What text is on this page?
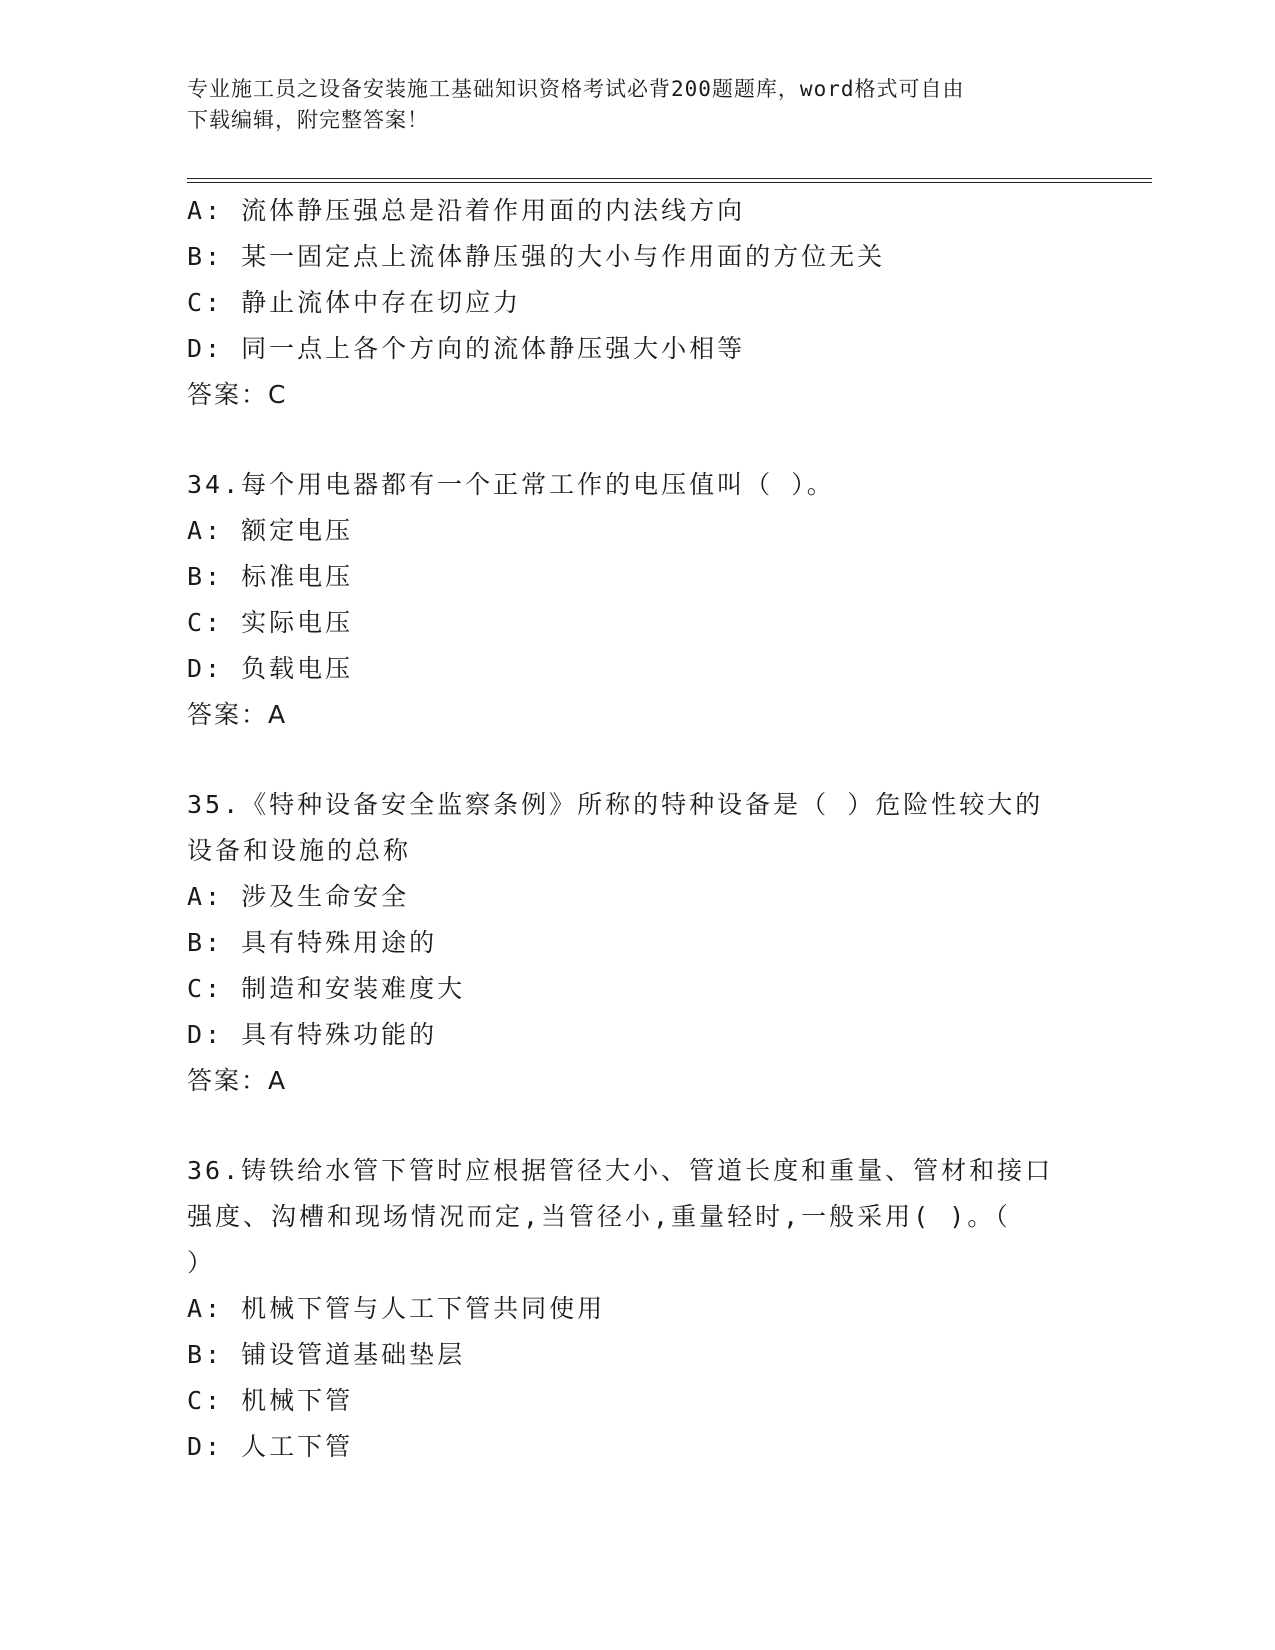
专业施工员之设备安装施工基础知识资格考试必背200题题库，word格式可自由
下载编辑，附完整答案！
A: 流体静压强总是沿着作用面的内法线方向
B: 某一固定点上流体静压强的大小与作用面的方位无关
C: 静止流体中存在切应力
D: 同一点上各个方向的流体静压强大小相等
答案：C
34.每个用电器都有一个正常工作的电压值叫（ ）。
A: 额定电压
B: 标准电压
C: 实际电压
D: 负载电压
答案：A
35.《特种设备安全监察条例》所称的特种设备是（ ）危险性较大的
设备和设施的总称
A: 涉及生命安全
B: 具有特殊用途的
C: 制造和安装难度大
D: 具有特殊功能的
答案：A
36.铸铁给水管下管时应根据管径大小、管道长度和重量、管材和接口
强度、沟槽和现场情况而定,当管径小,重量轻时,一般采用( )。（
）
A: 机械下管与人工下管共同使用
B: 铺设管道基础垫层
C: 机械下管
D: 人工下管
